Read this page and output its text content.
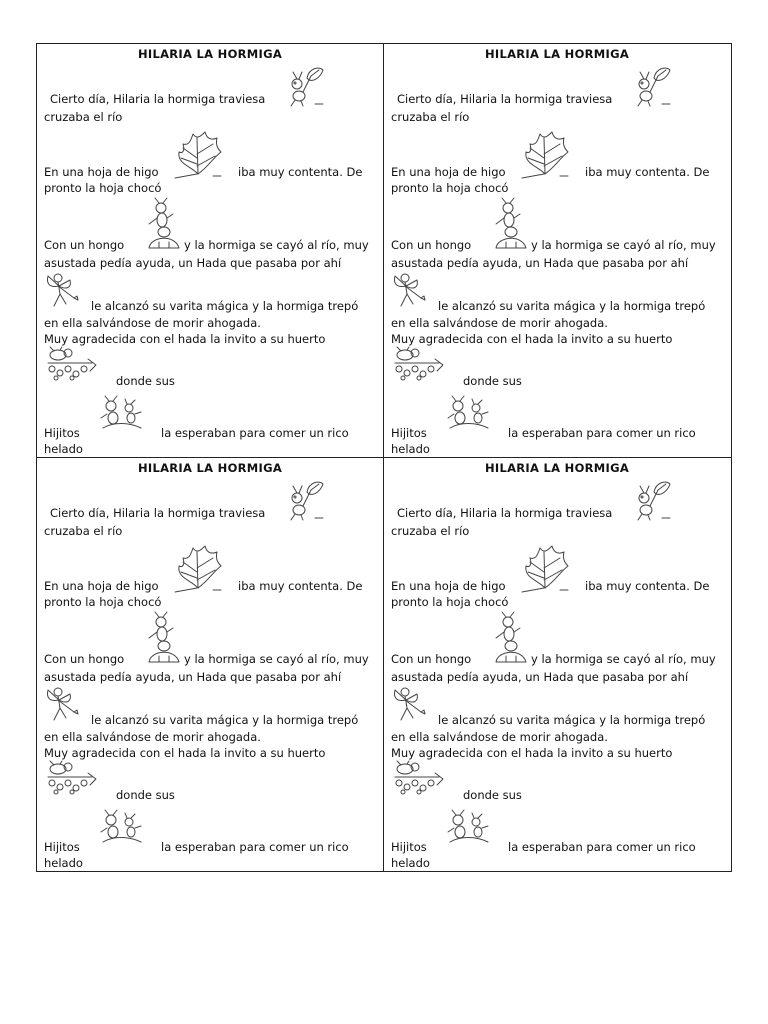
HILARIA LA HORMIGA
Cierto día, Hilaria la hormiga traviesa
cruzaba el río
En una hoja de higo	iba muy contenta. De
pronto la hoja chocó
Con un hongo	y la hormiga se cayó al río, muy
asustada pedía ayuda, un Hada que pasaba por ahí
le alcanzó su varita mágica y la hormiga trepó
en ella salvándose de morir ahogada.
Muy agradecida con el hada la invito a su huerto
donde sus
Hijitos	la esperaban para comer un rico
helado
HILARIA LA HORMIGA
Cierto día, Hilaria la hormiga traviesa
cruzaba el río
En una hoja de higo	iba muy contenta. De
pronto la hoja chocó
Con un hongo	y la hormiga se cayó al río, muy
asustada pedía ayuda, un Hada que pasaba por ahí
le alcanzó su varita mágica y la hormiga trepó
en ella salvándose de morir ahogada.
Muy agradecida con el hada la invito a su huerto
donde sus
Hijitos	la esperaban para comer un rico
helado
HILARIA LA HORMIGA
Cierto día, Hilaria la hormiga traviesa
cruzaba el río
En una hoja de higo	iba muy contenta. De
pronto la hoja chocó
Con un hongo	y la hormiga se cayó al río, muy
asustada pedía ayuda, un Hada que pasaba por ahí
le alcanzó su varita mágica y la hormiga trepó
en ella salvándose de morir ahogada.
Muy agradecida con el hada la invito a su huerto
donde sus
Hijitos	la esperaban para comer un rico
helado
HILARIA LA HORMIGA
Cierto día, Hilaria la hormiga traviesa
cruzaba el río
En una hoja de higo	iba muy contenta. De
pronto la hoja chocó
Con un hongo	y la hormiga se cayó al río, muy
asustada pedía ayuda, un Hada que pasaba por ahí
le alcanzó su varita mágica y la hormiga trepó
en ella salvándose de morir ahogada.
Muy agradecida con el hada la invito a su huerto
donde sus
Hijitos	la esperaban para comer un rico
helado
